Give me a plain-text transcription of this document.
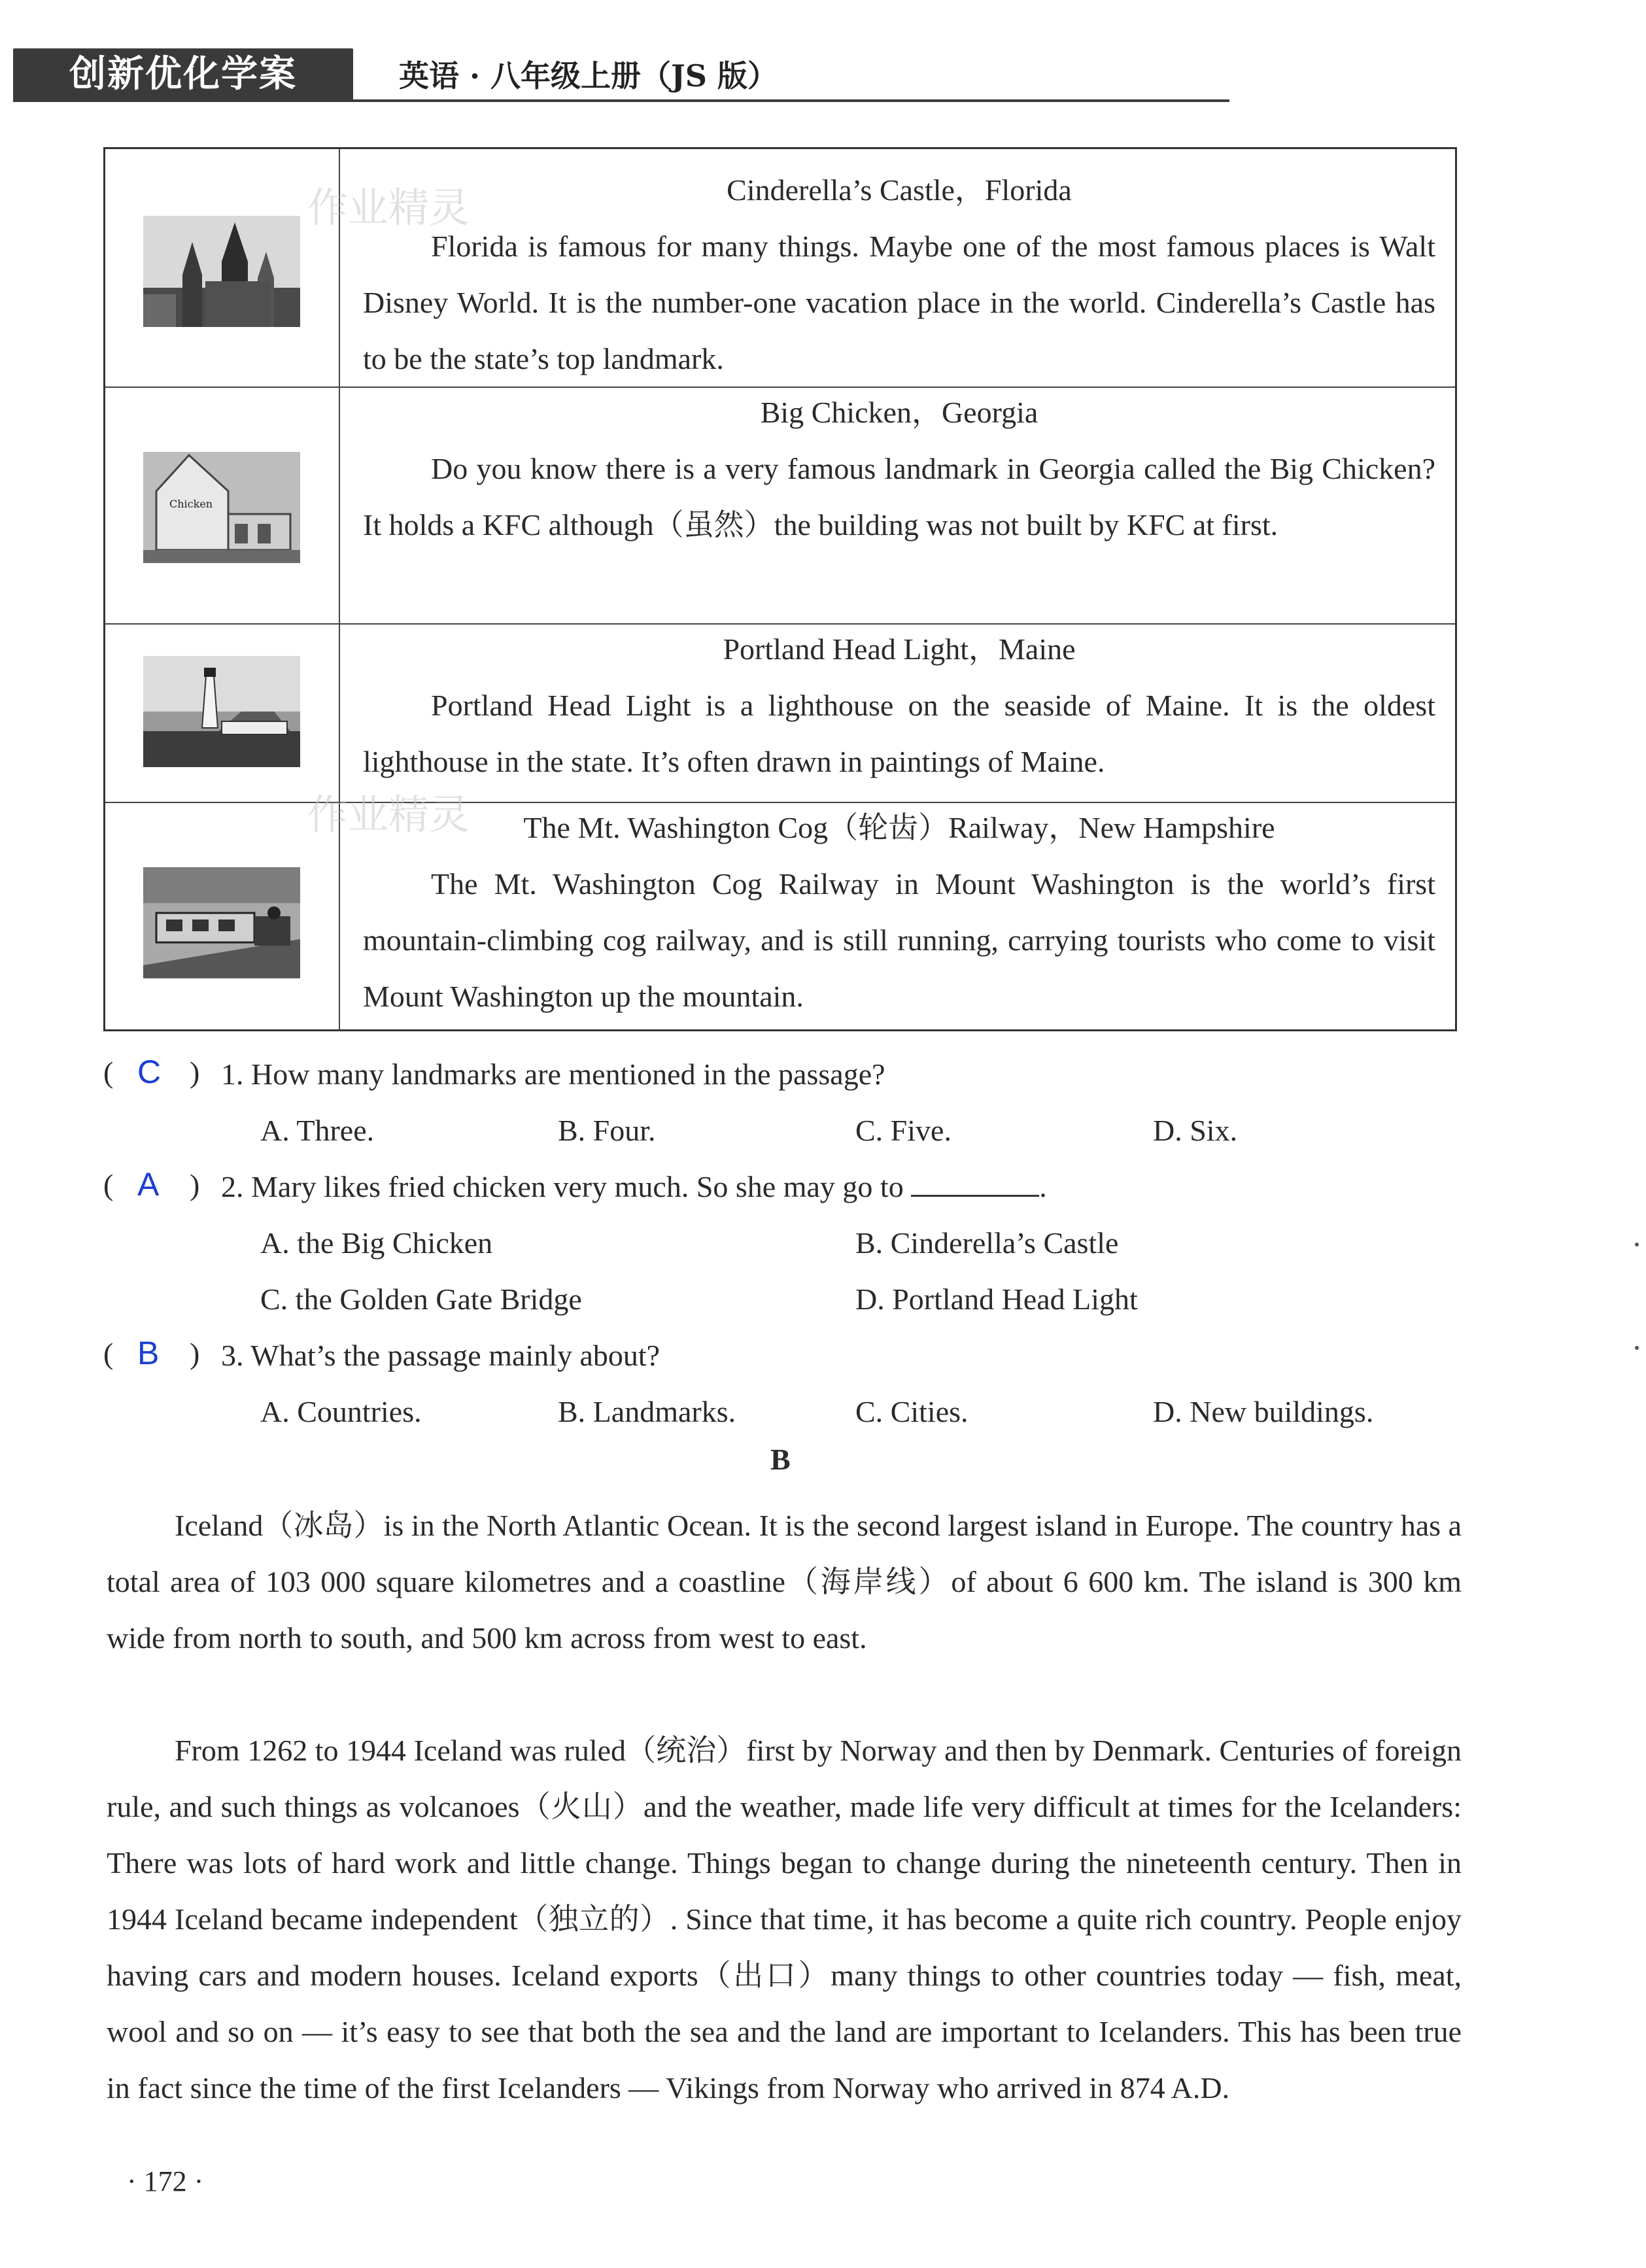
创新优化学案	英语 · 八年级上册（JS 版）
Cinderella’s Castle，Florida

Florida is famous for many things. Maybe one of the most famous places is Walt Disney World. It is the number-one vacation place in the world. Cinderella’s Castle has to be the state’s top landmark.

Chicken
Big Chicken，Georgia

Do you know there is a very famous landmark in Georgia called the Big Chicken? It holds a KFC although（虽然）the building was not built by KFC at first.

Portland Head Light，Maine

Portland Head Light is a lighthouse on the seaside of Maine. It is the oldest lighthouse in the state. It’s often drawn in paintings of Maine.

The Mt. Washington Cog（轮齿）Railway，New Hampshire

The Mt. Washington Cog Railway in Mount Washington is the world’s first mountain-climbing cog railway, and is still running, carrying tourists who come to visit Mount Washington up the mountain.

作业精灵
作业精灵
( C ) 1. How many landmarks are mentioned in the passage?
A. Three.	B. Four.	C. Five.	D. Six.
( A ) 2. Mary likes fried chicken very much. So she may go to	.
A. the Big Chicken	B. Cinderella’s Castle
C. the Golden Gate Bridge	D. Portland Head Light
( B ) 3. What’s the passage mainly about?
A. Countries.	B. Landmarks.	C. Cities.	D. New buildings.
B

Iceland（冰岛）is in the North Atlantic Ocean. It is the second largest island in Europe. The country has a total area of 103 000 square kilometres and a coastline（海岸线）of about 6 600 km. The island is 300 km wide from north to south, and 500 km across from west to east.

From 1262 to 1944 Iceland was ruled（统治）first by Norway and then by Denmark. Centuries of foreign rule, and such things as volcanoes（火山）and the weather, made life very difficult at times for the Icelanders: There was lots of hard work and little change. Things began to change during the nineteenth century. Then in 1944 Iceland became independent（独立的）. Since that time, it has become a quite rich country. People enjoy having cars and modern houses. Iceland exports（出口）many things to other countries today — fish, meat, wool and so on — it’s easy to see that both the sea and the land are important to Icelanders. This has been true in fact since the time of the first Icelanders — Vikings from Norway who arrived in 874 A.D.

· 172 ·
